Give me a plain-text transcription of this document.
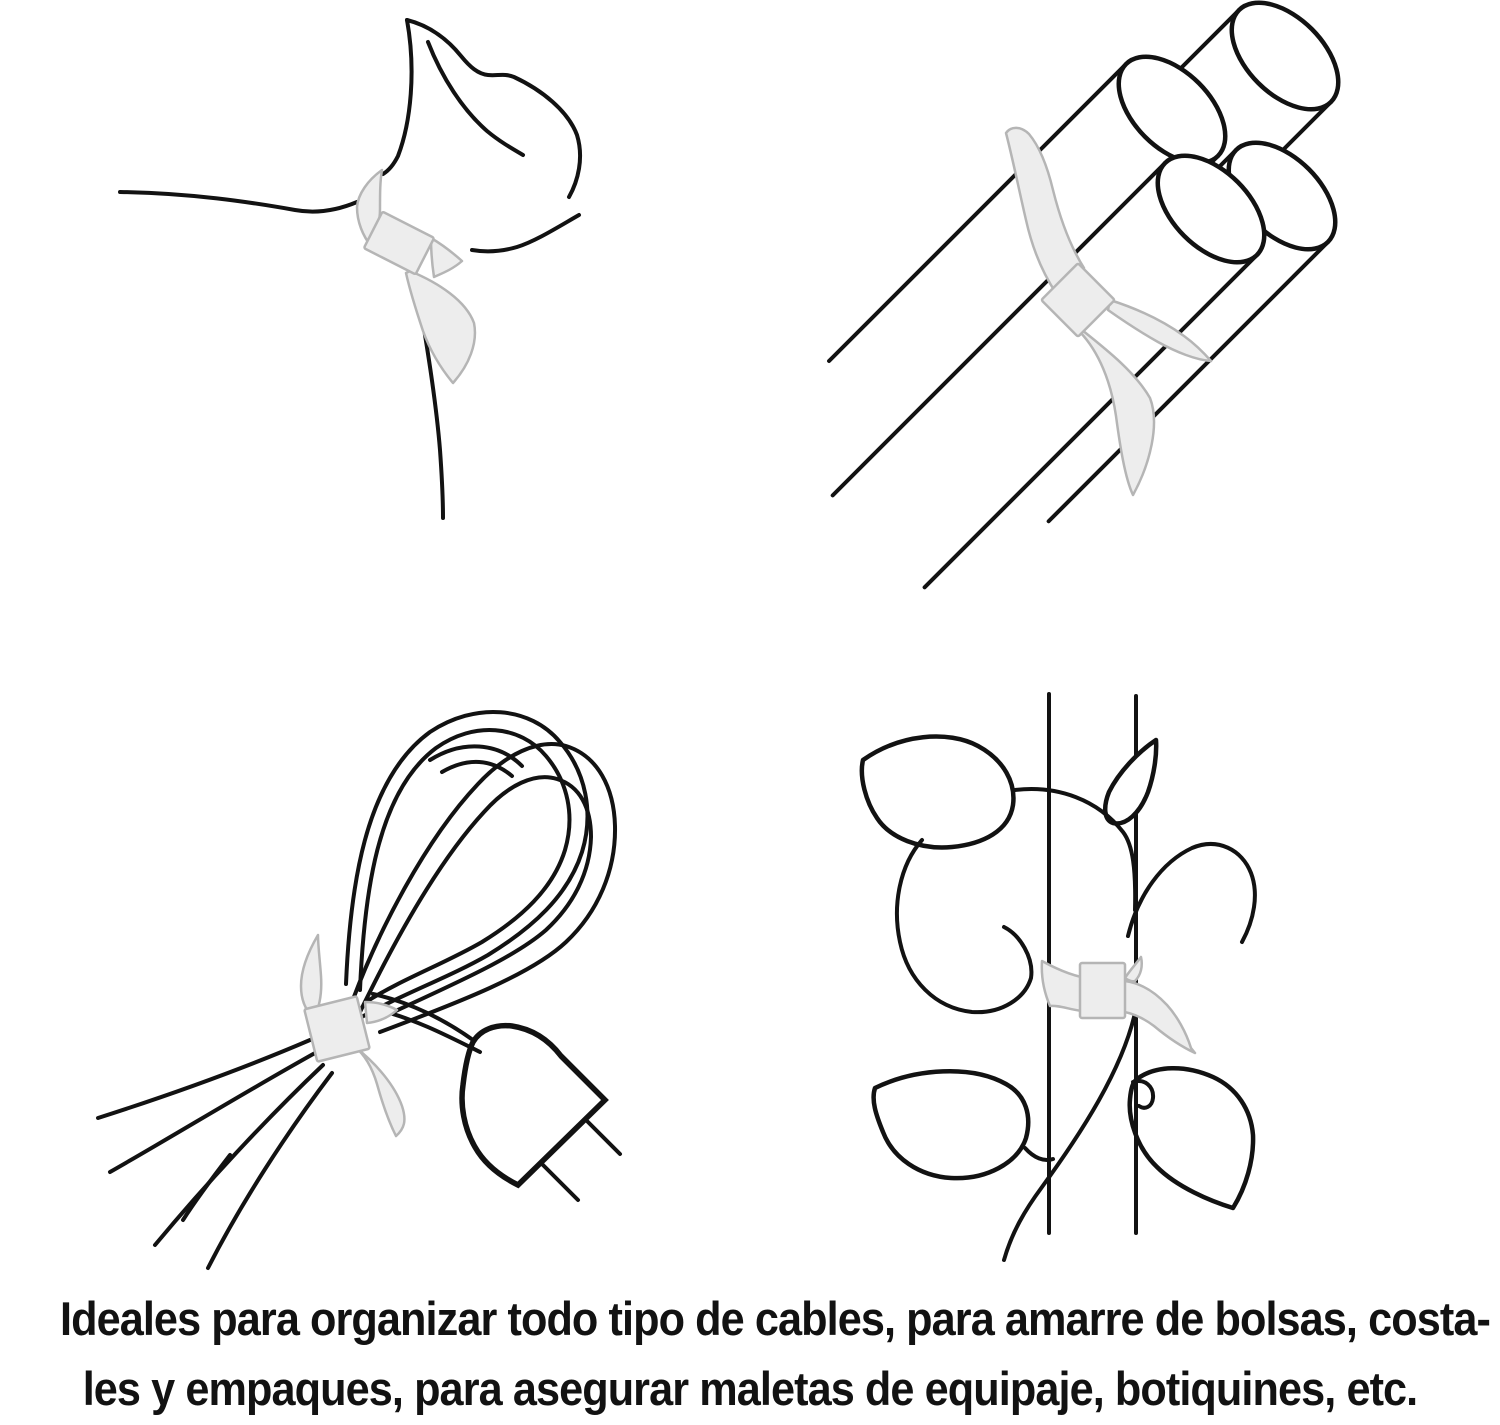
Ideales para organizar todo tipo de cables, para amarre de bolsas, costa-
les y empaques, para asegurar maletas de equipaje, botiquines, etc.
